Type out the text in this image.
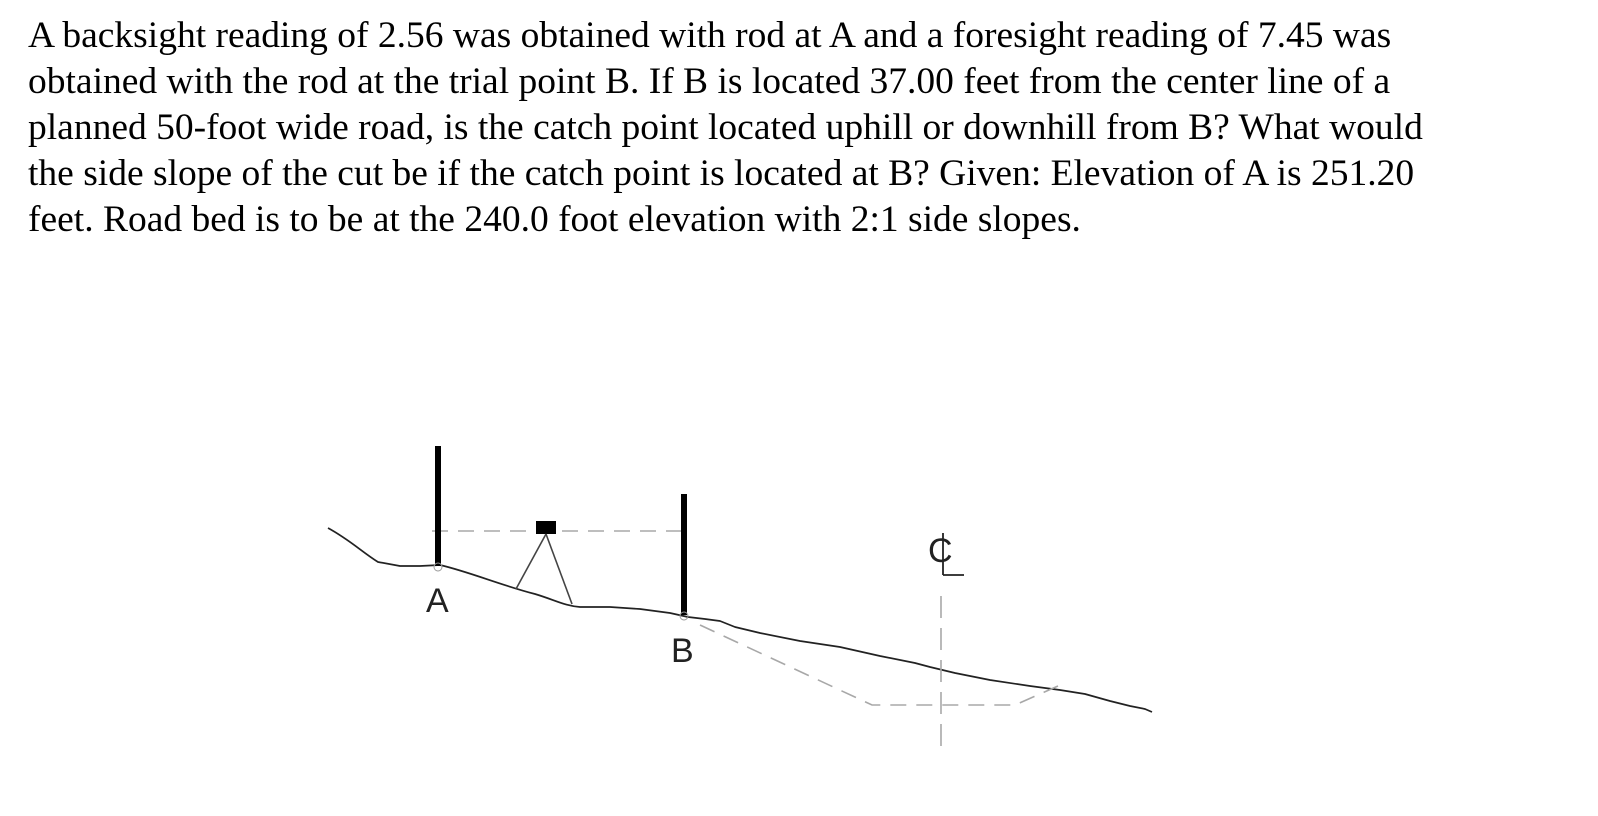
A backsight reading of 2.56 was obtained with rod at A and a foresight reading of 7.45 was
obtained with the rod at the trial point B. If B is located 37.00 feet from the center line of a
planned 50-foot wide road, is the catch point located uphill or downhill from B? What would
the side slope of the cut be if the catch point is located at B? Given: Elevation of A is 251.20
feet. Road bed is to be at the 240.0 foot elevation with 2:1 side slopes.
C
A
B
